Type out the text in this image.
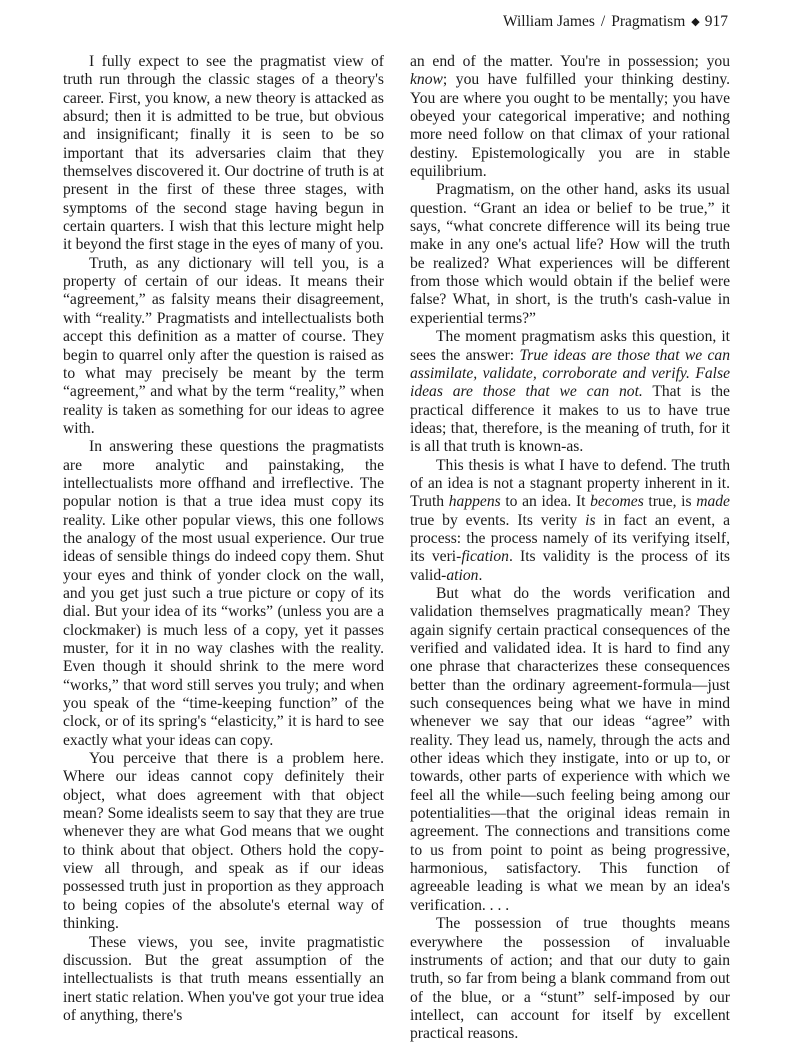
William James / Pragmatism ◆ 917

I fully expect to see the pragmatist view of truth run through the classic stages of a theory's career. First, you know, a new theory is attacked as absurd; then it is admitted to be true, but obvious and insignificant; finally it is seen to be so important that its adversaries claim that they themselves discovered it. Our doctrine of truth is at present in the first of these three stages, with symptoms of the second stage having begun in certain quarters. I wish that this lecture might help it beyond the first stage in the eyes of many of you.

Truth, as any dictionary will tell you, is a property of certain of our ideas. It means their “agreement,” as falsity means their disagreement, with “reality.” Pragmatists and intellectualists both accept this definition as a matter of course. They begin to quarrel only after the question is raised as to what may precisely be meant by the term “agreement,” and what by the term “reality,” when reality is taken as something for our ideas to agree with.

In answering these questions the pragmatists are more analytic and painstaking, the intellectualists more offhand and irreflective. The popular notion is that a true idea must copy its reality. Like other popular views, this one follows the analogy of the most usual experience. Our true ideas of sensible things do indeed copy them. Shut your eyes and think of yonder clock on the wall, and you get just such a true picture or copy of its dial. But your idea of its “works” (unless you are a clockmaker) is much less of a copy, yet it passes muster, for it in no way clashes with the reality. Even though it should shrink to the mere word “works,” that word still serves you truly; and when you speak of the “time-keeping function” of the clock, or of its spring's “elasticity,” it is hard to see exactly what your ideas can copy.

You perceive that there is a problem here. Where our ideas cannot copy definitely their object, what does agreement with that object mean? Some idealists seem to say that they are true whenever they are what God means that we ought to think about that object. Others hold the copy-view all through, and speak as if our ideas possessed truth just in proportion as they approach to being copies of the absolute's eternal way of thinking.

These views, you see, invite pragmatistic discussion. But the great assumption of the intellectualists is that truth means essentially an inert static relation. When you've got your true idea of anything, there's

an end of the matter. You're in possession; you know; you have fulfilled your thinking destiny. You are where you ought to be mentally; you have obeyed your categorical imperative; and nothing more need follow on that climax of your rational destiny. Epistemologically you are in stable equilibrium.

Pragmatism, on the other hand, asks its usual question. “Grant an idea or belief to be true,” it says, “what concrete difference will its being true make in any one's actual life? How will the truth be realized? What experiences will be different from those which would obtain if the belief were false? What, in short, is the truth's cash-value in experiential terms?”

The moment pragmatism asks this question, it sees the answer: True ideas are those that we can assimilate, validate, corroborate and verify. False ideas are those that we can not. That is the practical difference it makes to us to have true ideas; that, therefore, is the meaning of truth, for it is all that truth is known-as.

This thesis is what I have to defend. The truth of an idea is not a stagnant property inherent in it. Truth happens to an idea. It becomes true, is made true by events. Its verity is in fact an event, a process: the process namely of its verifying itself, its veri-fication. Its validity is the process of its valid-ation.

But what do the words verification and validation themselves pragmatically mean? They again signify certain practical consequences of the verified and validated idea. It is hard to find any one phrase that characterizes these consequences better than the ordinary agreement-formula—just such consequences being what we have in mind whenever we say that our ideas “agree” with reality. They lead us, namely, through the acts and other ideas which they instigate, into or up to, or towards, other parts of experience with which we feel all the while—such feeling being among our potentialities—that the original ideas remain in agreement. The connections and transitions come to us from point to point as being progressive, harmonious, satisfactory. This function of agreeable leading is what we mean by an idea's verification. . . .

The possession of true thoughts means everywhere the possession of invaluable instruments of action; and that our duty to gain truth, so far from being a blank command from out of the blue, or a “stunt” self-imposed by our intellect, can account for itself by excellent practical reasons.
